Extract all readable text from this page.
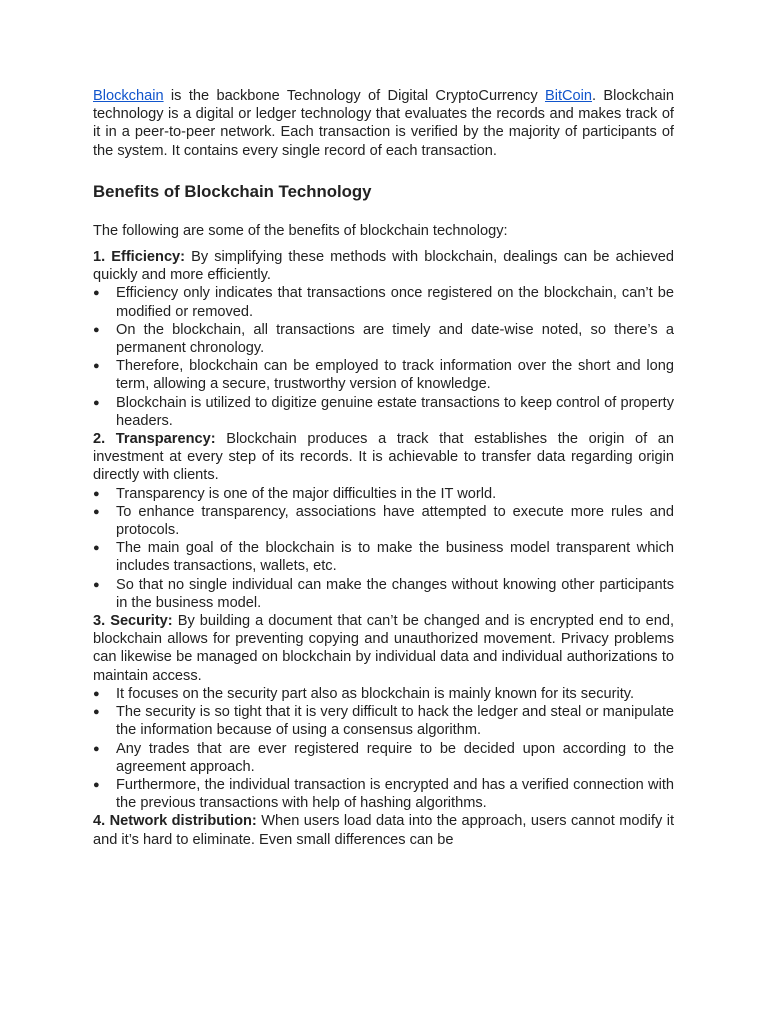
Blockchain is the backbone Technology of Digital CryptoCurrency BitCoin. Blockchain technology is a digital or ledger technology that evaluates the records and makes track of it in a peer-to-peer network. Each transaction is verified by the majority of participants of the system. It contains every single record of each transaction.

Benefits of Blockchain Technology

The following are some of the benefits of blockchain technology:

1. Efficiency: By simplifying these methods with blockchain, dealings can be achieved quickly and more efficiently.

● Efficiency only indicates that transactions once registered on the blockchain, can’t be modified or removed.
● On the blockchain, all transactions are timely and date-wise noted, so there’s a permanent chronology.
● Therefore, blockchain can be employed to track information over the short and long term, allowing a secure, trustworthy version of knowledge.
● Blockchain is utilized to digitize genuine estate transactions to keep control of property headers.

2. Transparency: Blockchain produces a track that establishes the origin of an investment at every step of its records. It is achievable to transfer data regarding origin directly with clients.

● Transparency is one of the major difficulties in the IT world.
● To enhance transparency, associations have attempted to execute more rules and protocols.
● The main goal of the blockchain is to make the business model transparent which includes transactions, wallets, etc.
● So that no single individual can make the changes without knowing other participants in the business model.

3. Security: By building a document that can’t be changed and is encrypted end to end, blockchain allows for preventing copying and unauthorized movement. Privacy problems can likewise be managed on blockchain by individual data and individual authorizations to maintain access.

● It focuses on the security part also as blockchain is mainly known for its security.
● The security is so tight that it is very difficult to hack the ledger and steal or manipulate the information because of using a consensus algorithm.
● Any trades that are ever registered require to be decided upon according to the agreement approach.
● Furthermore, the individual transaction is encrypted and has a verified connection with the previous transactions with help of hashing algorithms.

4. Network distribution: When users load data into the approach, users cannot modify it and it’s hard to eliminate. Even small differences can be
